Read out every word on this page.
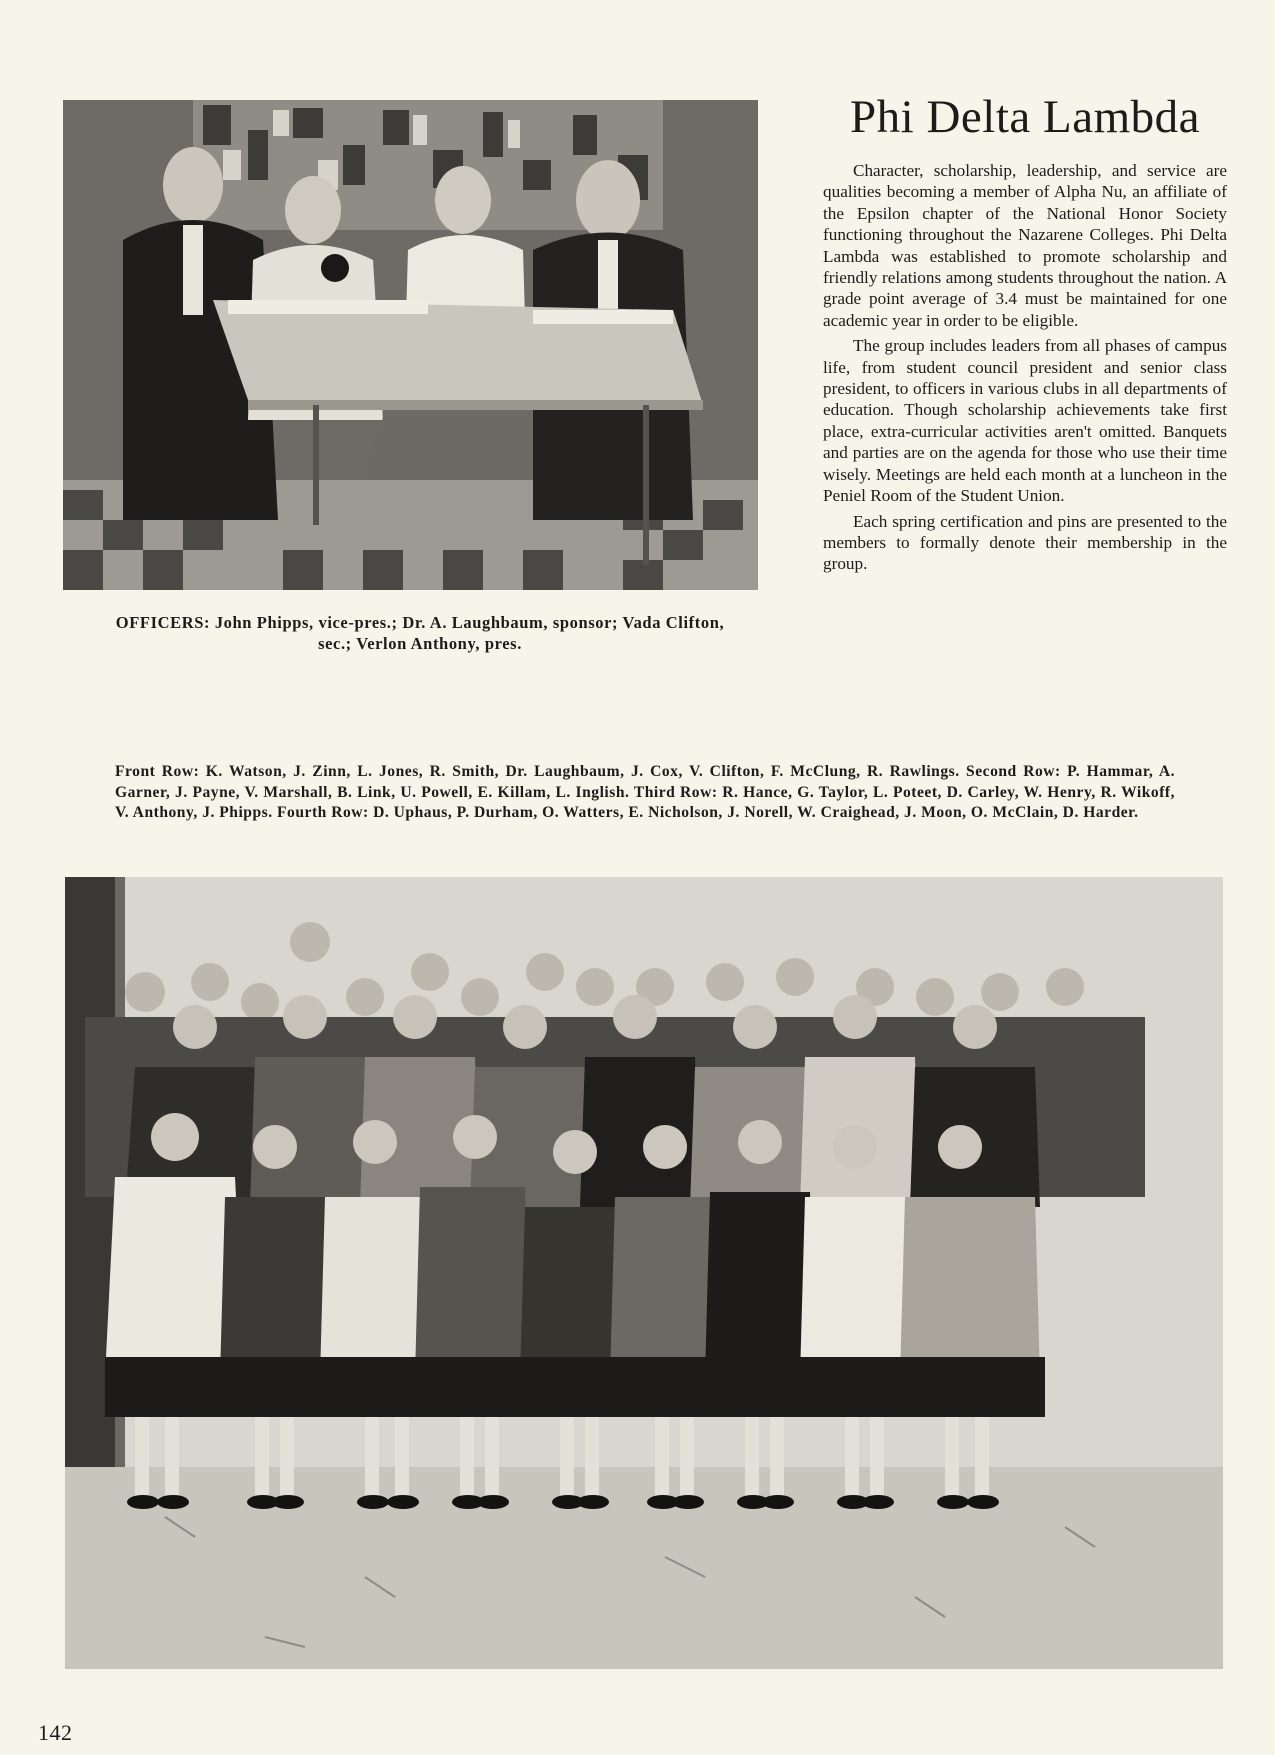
OFFICERS: John Phipps, vice-pres.; Dr. A. Laughbaum, sponsor; Vada Clifton, sec.; Verlon Anthony, pres.
Phi Delta Lambda

Character, scholarship, leadership, and service are qualities becoming a member of Alpha Nu, an affiliate of the Epsilon chapter of the National Honor Society functioning throughout the Nazarene Colleges. Phi Delta Lambda was established to promote scholarship and friendly relations among students throughout the nation. A grade point average of 3.4 must be maintained for one academic year in order to be eligible.

The group includes leaders from all phases of campus life, from student council president and senior class president, to officers in various clubs in all departments of education. Though scholarship achievements take first place, extra-curricular activities aren't omitted. Banquets and parties are on the agenda for those who use their time wisely. Meetings are held each month at a luncheon in the Peniel Room of the Student Union.

Each spring certification and pins are presented to the members to formally denote their membership in the group.

Front Row: K. Watson, J. Zinn, L. Jones, R. Smith, Dr. Laughbaum, J. Cox, V. Clifton, F. McClung, R. Rawlings. Second Row: P. Hammar, A. Garner, J. Payne, V. Marshall, B. Link, U. Powell, E. Killam, L. Inglish. Third Row: R. Hance, G. Taylor, L. Poteet, D. Carley, W. Henry, R. Wikoff, V. Anthony, J. Phipps. Fourth Row: D. Uphaus, P. Durham, O. Watters, E. Nicholson, J. Norell, W. Craighead, J. Moon, O. McClain, D. Harder.
142
